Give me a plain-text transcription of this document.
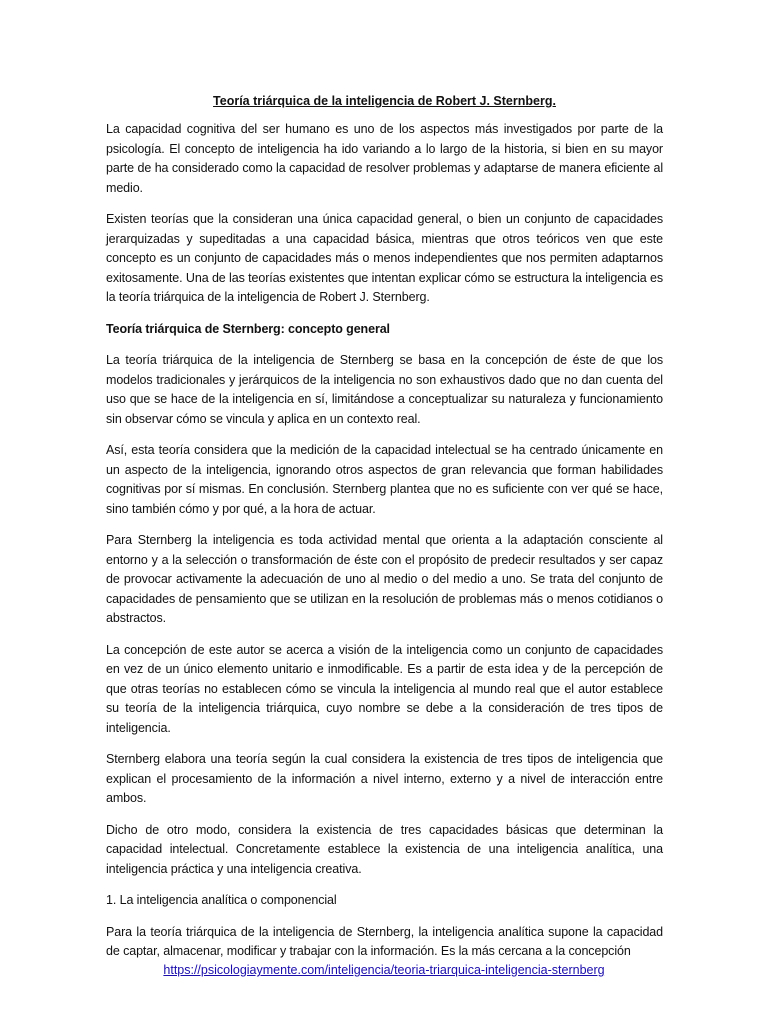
Teoría triárquica de la inteligencia de Robert J. Sternberg.

La capacidad cognitiva del ser humano es uno de los aspectos más investigados por parte de la psicología. El concepto de inteligencia ha ido variando a lo largo de la historia, si bien en su mayor parte de ha considerado como la capacidad de resolver problemas y adaptarse de manera eficiente al medio.

Existen teorías que la consideran una única capacidad general, o bien un conjunto de capacidades jerarquizadas y supeditadas a una capacidad básica, mientras que otros teóricos ven que este concepto es un conjunto de capacidades más o menos independientes que nos permiten adaptarnos exitosamente. Una de las teorías existentes que intentan explicar cómo se estructura la inteligencia es la teoría triárquica de la inteligencia de Robert J. Sternberg.

Teoría triárquica de Sternberg: concepto general

La teoría triárquica de la inteligencia de Sternberg se basa en la concepción de éste de que los modelos tradicionales y jerárquicos de la inteligencia no son exhaustivos dado que no dan cuenta del uso que se hace de la inteligencia en sí, limitándose a conceptualizar su naturaleza y funcionamiento sin observar cómo se vincula y aplica en un contexto real.

Así, esta teoría considera que la medición de la capacidad intelectual se ha centrado únicamente en un aspecto de la inteligencia, ignorando otros aspectos de gran relevancia que forman habilidades cognitivas por sí mismas. En conclusión. Sternberg plantea que no es suficiente con ver qué se hace, sino también cómo y por qué, a la hora de actuar.

Para Sternberg la inteligencia es toda actividad mental que orienta a la adaptación consciente al entorno y a la selección o transformación de éste con el propósito de predecir resultados y ser capaz de provocar activamente la adecuación de uno al medio o del medio a uno. Se trata del conjunto de capacidades de pensamiento que se utilizan en la resolución de problemas más o menos cotidianos o abstractos.

La concepción de este autor se acerca a visión de la inteligencia como un conjunto de capacidades en vez de un único elemento unitario e inmodificable. Es a partir de esta idea y de la percepción de que otras teorías no establecen cómo se vincula la inteligencia al mundo real que el autor establece su teoría de la inteligencia triárquica, cuyo nombre se debe a la consideración de tres tipos de inteligencia.

Sternberg elabora una teoría según la cual considera la existencia de tres tipos de inteligencia que explican el procesamiento de la información a nivel interno, externo y a nivel de interacción entre ambos.

Dicho de otro modo, considera la existencia de tres capacidades básicas que determinan la capacidad intelectual. Concretamente establece la existencia de una inteligencia analítica, una inteligencia práctica y una inteligencia creativa.

1. La inteligencia analítica o componencial

Para la teoría triárquica de la inteligencia de Sternberg, la inteligencia analítica supone la capacidad de captar, almacenar, modificar y trabajar con la información. Es la más cercana a la concepción

https://psicologiaymente.com/inteligencia/teoria-triarquica-inteligencia-sternberg
